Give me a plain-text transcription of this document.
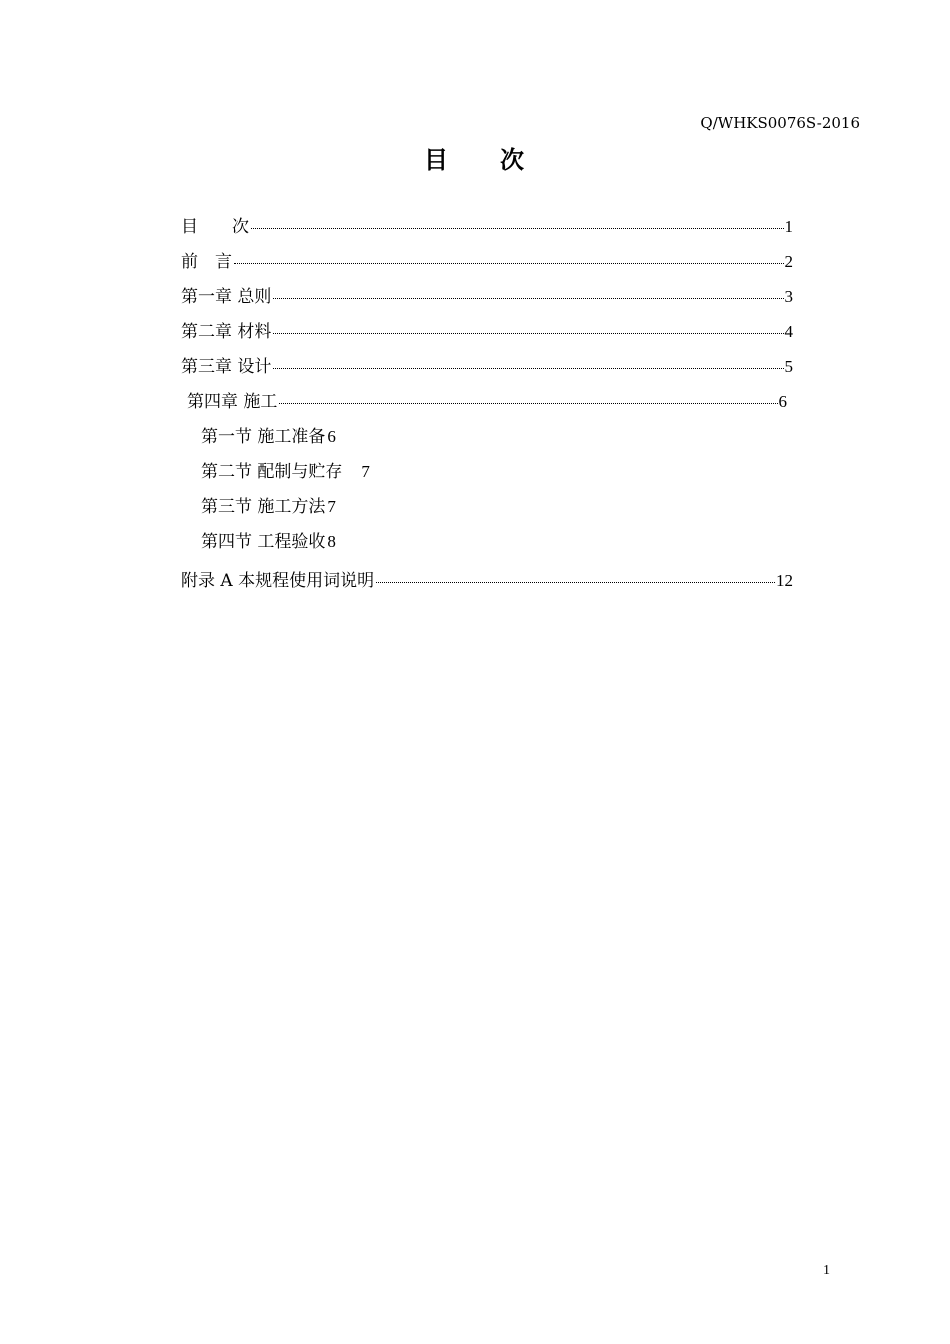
Q/WHKS0076S-2016
目 次
目　　次	1
前　言	2
第一章 总则	3
第二章 材料	4
第三章 设计	5
第四章 施工	6
第一节 施工准备 6
第二节 配制与贮存 　7
第三节 施工方法 7
第四节 工程验收 8
附录 A 本规程使用词说明	12
1
